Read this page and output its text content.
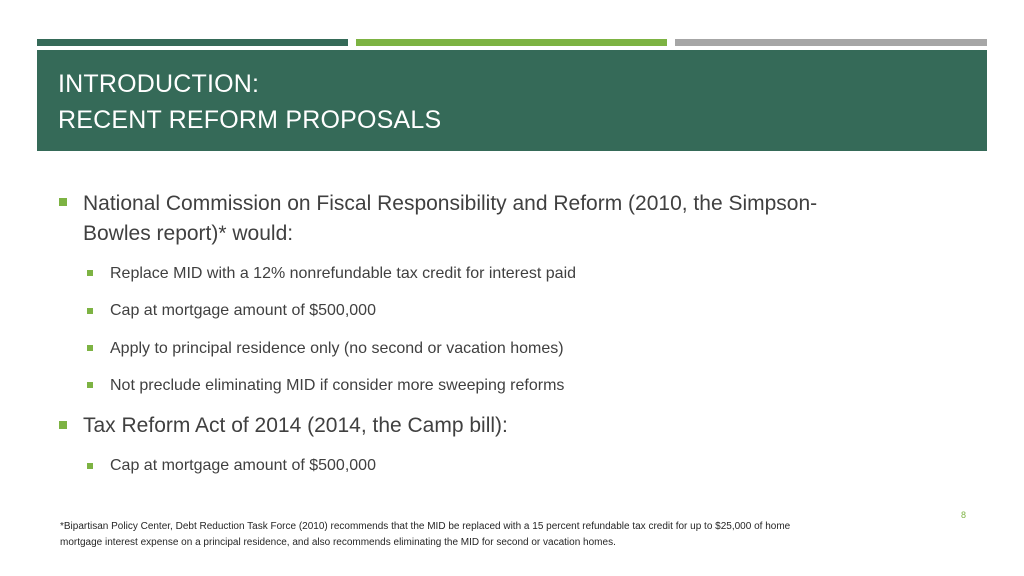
INTRODUCTION:
RECENT REFORM PROPOSALS
National Commission on Fiscal Responsibility and Reform (2010, the Simpson-
Bowles report)* would:
Replace MID with a 12% nonrefundable tax credit for interest paid
Cap at mortgage amount of $500,000
Apply to principal residence only (no second or vacation homes)
Not preclude eliminating MID if consider more sweeping reforms
Tax Reform Act of 2014 (2014, the Camp bill):
Cap at mortgage amount of $500,000
8
*Bipartisan Policy Center, Debt Reduction Task Force (2010) recommends that the MID be replaced with a 15 percent refundable tax credit for up to $25,000 of home
mortgage interest expense on a principal residence, and also recommends eliminating the MID for second or vacation homes.
